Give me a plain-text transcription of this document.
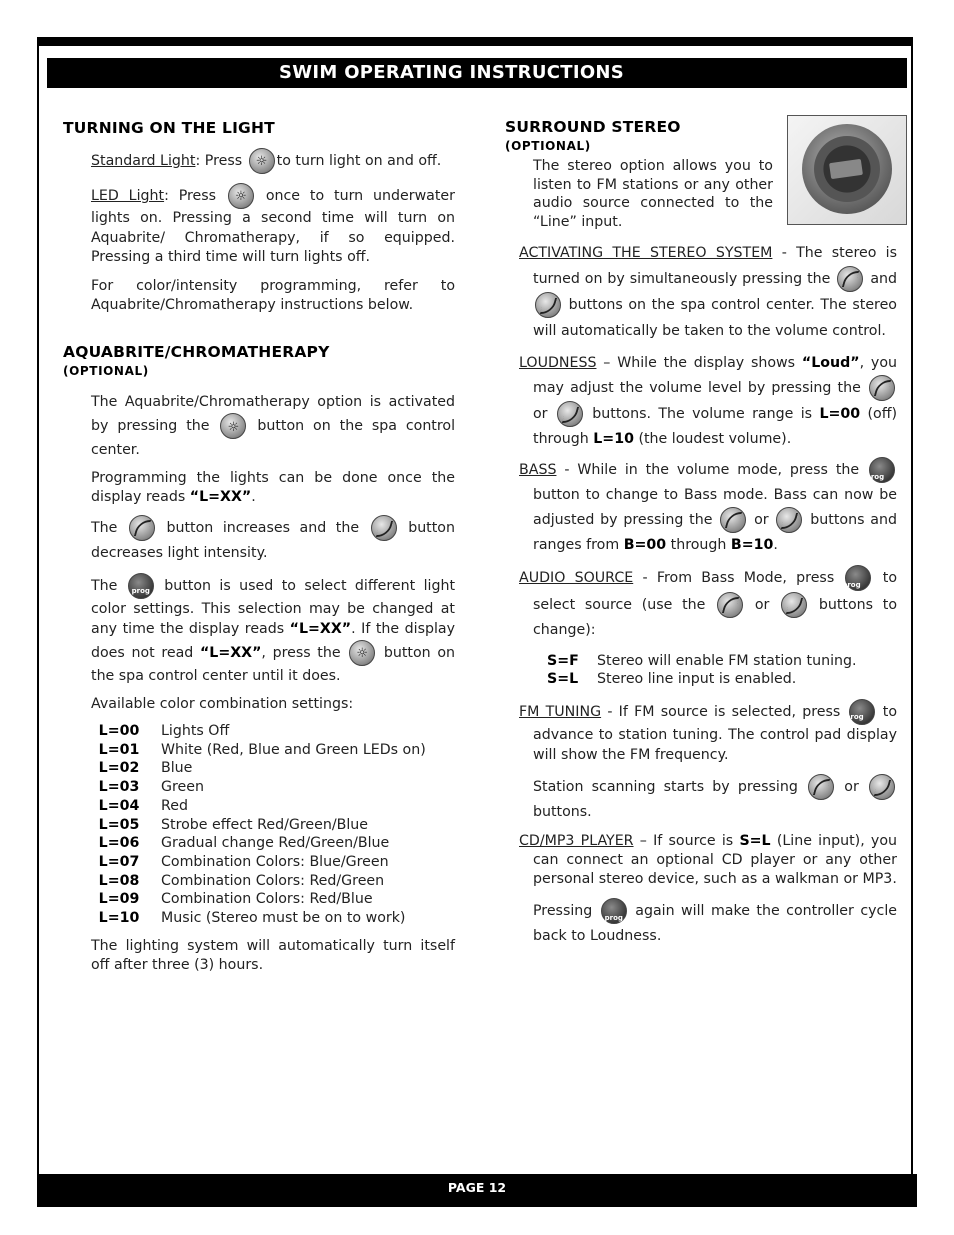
SWIM OPERATING INSTRUCTIONS

TURNING ON THE LIGHT

Standard Light: Press ☼ to turn light on and off.

LED Light: Press ☼	once to turn underwater lights on. Pressing a second time will turn on Aquabrite/ Chromatherapy, if so equipped. Pressing a third time will turn lights off.

For color/intensity programming, refer to Aquabrite/Chromatherapy instructions below.

AQUABRITE/CHROMATHERAPY

(OPTIONAL)

The Aquabrite/Chromatherapy option is activated by pressing the ☼	button on the spa control center.

Programming the lights can be done once the display reads “L=XX”.

The	button increases and the	button decreases light intensity.

The prog	button is used to select different light color settings. This selection may be changed at any time the display reads “L=XX”. If the display does not read “L=XX”, press the ☼	button on the spa control center until it does.

Available color combination settings:

L=00	Lights Off
L=01	White (Red, Blue and Green LEDs on)
L=02	Blue
L=03	Green
L=04	Red
L=05	Strobe effect Red/Green/Blue
L=06	Gradual change Red/Green/Blue
L=07	Combination Colors: Blue/Green
L=08	Combination Colors: Red/Green
L=09	Combination Colors: Red/Blue
L=10	Music (Stereo must be on to work)

The lighting system will automatically turn itself off after three (3) hours.

SURROUND STEREO

(OPTIONAL)

The stereo option allows you to listen to FM stations or any other audio source connected to the “Line” input.

ACTIVATING THE STEREO SYSTEM - The stereo is turned on by simultaneously pressing the	and  buttons on the spa control center. The stereo will automatically be taken to the volume control.

LOUDNESS – While the display shows “Loud”, you may adjust the volume level by pressing the  or	buttons. The volume range is L=00 (off) through L=10 (the loudest volume).

BASS - While in the volume mode, press the prog button to change to Bass mode. Bass can now be adjusted by pressing the	or	buttons and ranges from B=00 through B=10.

AUDIO SOURCE - From Bass Mode, press prog	to select source (use the	or	buttons to change):

S=F	Stereo will enable FM station tuning.
S=L	Stereo line input is enabled.

FM TUNING - If FM source is selected, press prog	to advance to station tuning. The control pad display will show the FM frequency.

Station scanning starts by pressing	or  buttons.

CD/MP3 PLAYER – If source is S=L (Line input), you can connect an optional CD player or any other personal stereo device, such as a walkman or MP3.

Pressing prog	again will make the controller cycle back to Loudness.

PAGE 12
